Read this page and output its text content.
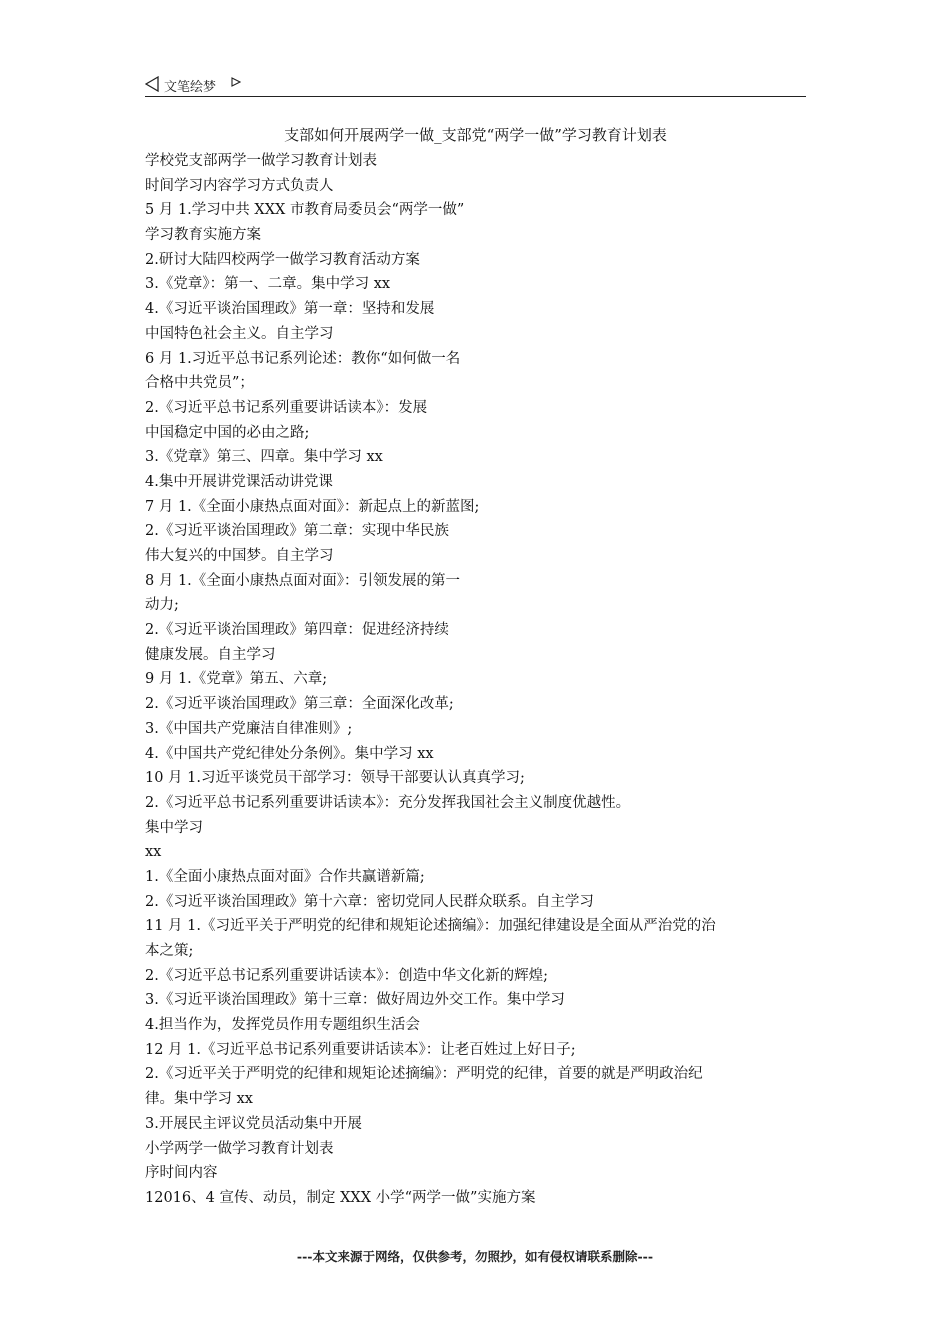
文笔绘梦
支部如何开展两学一做_支部党“两学一做”学习教育计划表
学校党支部两学一做学习教育计划表
时间学习内容学习方式负责人
5 月 1.学习中共 XXX 市教育局委员会“两学一做”
学习教育实施方案
2.研讨大陆四校两学一做学习教育活动方案
3.《党章》：第一、二章。集中学习 xx
4.《习近平谈治国理政》第一章：坚持和发展
中国特色社会主义。自主学习
6 月 1.习近平总书记系列论述：教你“如何做一名
合格中共党员”；
2.《习近平总书记系列重要讲话读本》：发展
中国稳定中国的必由之路;
3.《党章》第三、四章。集中学习 xx
4.集中开展讲党课活动讲党课
7 月 1.《全面小康热点面对面》：新起点上的新蓝图;
2.《习近平谈治国理政》第二章：实现中华民族
伟大复兴的中国梦。自主学习
8 月 1.《全面小康热点面对面》：引领发展的第一
动力;
2.《习近平谈治国理政》第四章：促进经济持续
健康发展。自主学习
9 月 1.《党章》第五、六章;
2.《习近平谈治国理政》第三章：全面深化改革;
3.《中国共产党廉洁自律准则》;
4.《中国共产党纪律处分条例》。集中学习 xx
10 月 1.习近平谈党员干部学习：领导干部要认认真真学习;
2.《习近平总书记系列重要讲话读本》：充分发挥我国社会主义制度优越性。
集中学习
xx
1.《全面小康热点面对面》合作共赢谱新篇;
2.《习近平谈治国理政》第十六章：密切党同人民群众联系。自主学习
11 月 1.《习近平关于严明党的纪律和规矩论述摘编》：加强纪律建设是全面从严治党的治
本之策;
2.《习近平总书记系列重要讲话读本》：创造中华文化新的辉煌;
3.《习近平谈治国理政》第十三章：做好周边外交工作。集中学习
4.担当作为，发挥党员作用专题组织生活会
12 月 1.《习近平总书记系列重要讲话读本》：让老百姓过上好日子;
2.《习近平关于严明党的纪律和规矩论述摘编》：严明党的纪律，首要的就是严明政治纪
律。集中学习 xx
3.开展民主评议党员活动集中开展
小学两学一做学习教育计划表
序时间内容
12016、4 宣传、动员，制定 XXX 小学“两学一做”实施方案
---本文来源于网络，仅供参考，勿照抄，如有侵权请联系删除---
